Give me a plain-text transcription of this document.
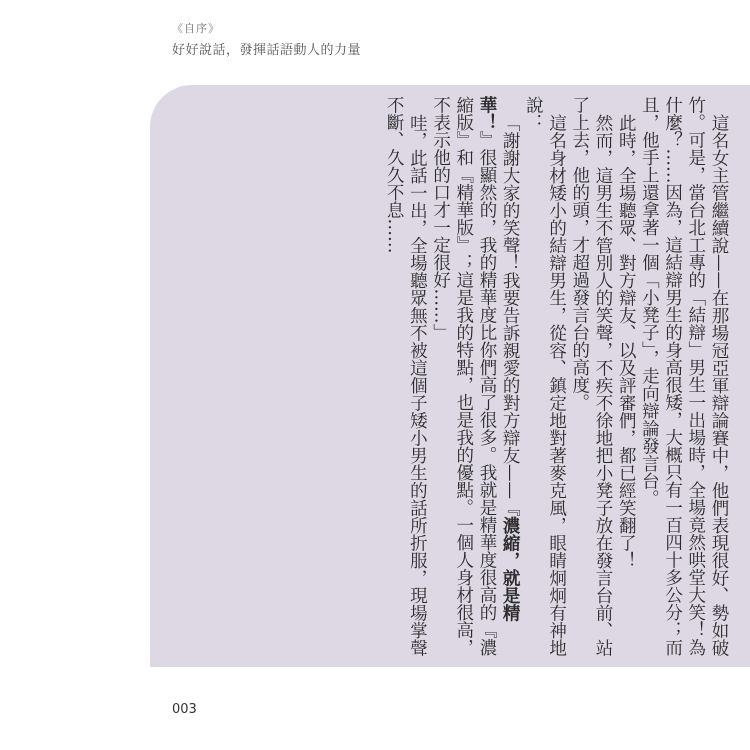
《自序》
好好說話，發揮話語動人的力量

這名女主管繼續說——在那場冠亞軍辯論賽中，他們表現很好、勢如破竹。可是，當台北工專的「結辯」男生一出場時，全場竟然哄堂大笑！為什麼？……因為，這結辯男生的身高很矮，大概只有一百四十多公分；而且，他手上還拿著一個「小凳子」，走向辯論發言台。

此時，全場聽眾、對方辯友、以及評審們，都已經笑翻了！

然而，這男生不管別人的笑聲，不疾不徐地把小凳子放在發言台前、站了上去，他的頭，才超過發言台的高度。

這名身材矮小的結辯男生，從容、鎮定地對著麥克風，眼睛炯炯有神地說：

「謝謝大家的笑聲！我要告訴親愛的對方辯友——『濃縮，就是精華！』很顯然的，我的精華度比你們高了很多。我就是精華度很高的『濃縮版』和『精華版』；這是我的特點，也是我的優點。一個人身材很高，不表示他的口才一定很好……」

哇，此話一出，全場聽眾無不被這個子矮小男生的話所折服，現場掌聲不斷、久久不息……

003
